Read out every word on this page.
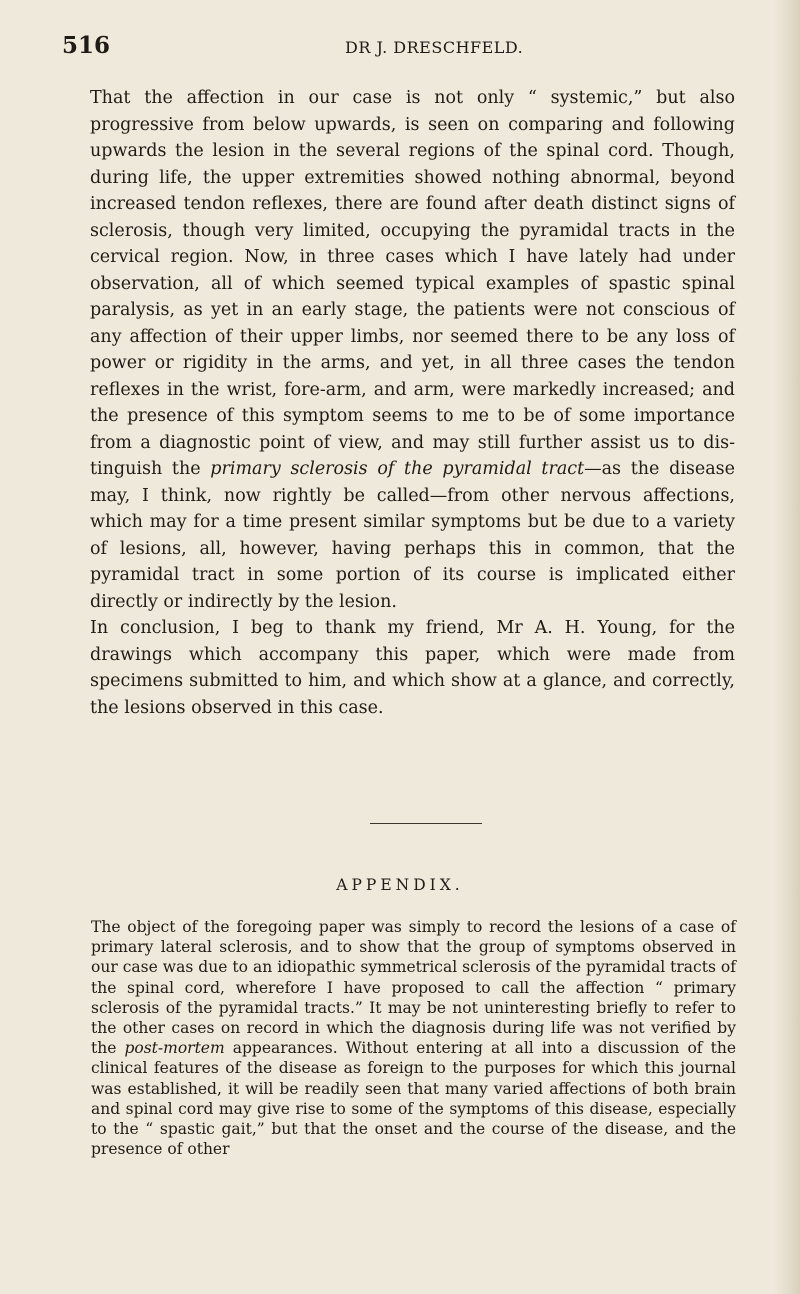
516	DR J. DRESCHFELD.

That the affection in our case is not only “ systemic,” but also progressive from below upwards, is seen on comparing and following upwards the lesion in the several regions of the spinal cord. Though, during life, the upper extremities showed nothing abnormal, beyond increased tendon reflexes, there are found after death distinct signs of sclerosis, though very limited, occupying the pyramidal tracts in the cervical region. Now, in three cases which I have lately had under observation, all of which seemed typical examples of spastic spinal paralysis, as yet in an early stage, the patients were not conscious of any affection of their upper limbs, nor seemed there to be any loss of power or rigidity in the arms, and yet, in all three cases the tendon reflexes in the wrist, fore-arm, and arm, were markedly increased; and the presence of this symptom seems to me to be of some importance from a diagnostic point of view, and may still further assist us to dis-tinguish the primary sclerosis of the pyramidal tract—as the disease may, I think, now rightly be called—from other nervous affections, which may for a time present similar symptoms but be due to a variety of lesions, all, however, having perhaps this in common, that the pyramidal tract in some portion of its course is implicated either directly or indirectly by the lesion.

In conclusion, I beg to thank my friend, Mr A. H. Young, for the drawings which accompany this paper, which were made from specimens submitted to him, and which show at a glance, and correctly, the lesions observed in this case.

APPENDIX.

The object of the foregoing paper was simply to record the lesions of a case of primary lateral sclerosis, and to show that the group of symptoms observed in our case was due to an idiopathic symmetrical sclerosis of the pyramidal tracts of the spinal cord, wherefore I have proposed to call the affection “ primary sclerosis of the pyramidal tracts.” It may be not uninteresting briefly to refer to the other cases on record in which the diagnosis during life was not verified by the post-mortem appearances. Without entering at all into a discussion of the clinical features of the disease as foreign to the purposes for which this journal was established, it will be readily seen that many varied affections of both brain and spinal cord may give rise to some of the symptoms of this disease, especially to the “ spastic gait,” but that the onset and the course of the disease, and the presence of other
